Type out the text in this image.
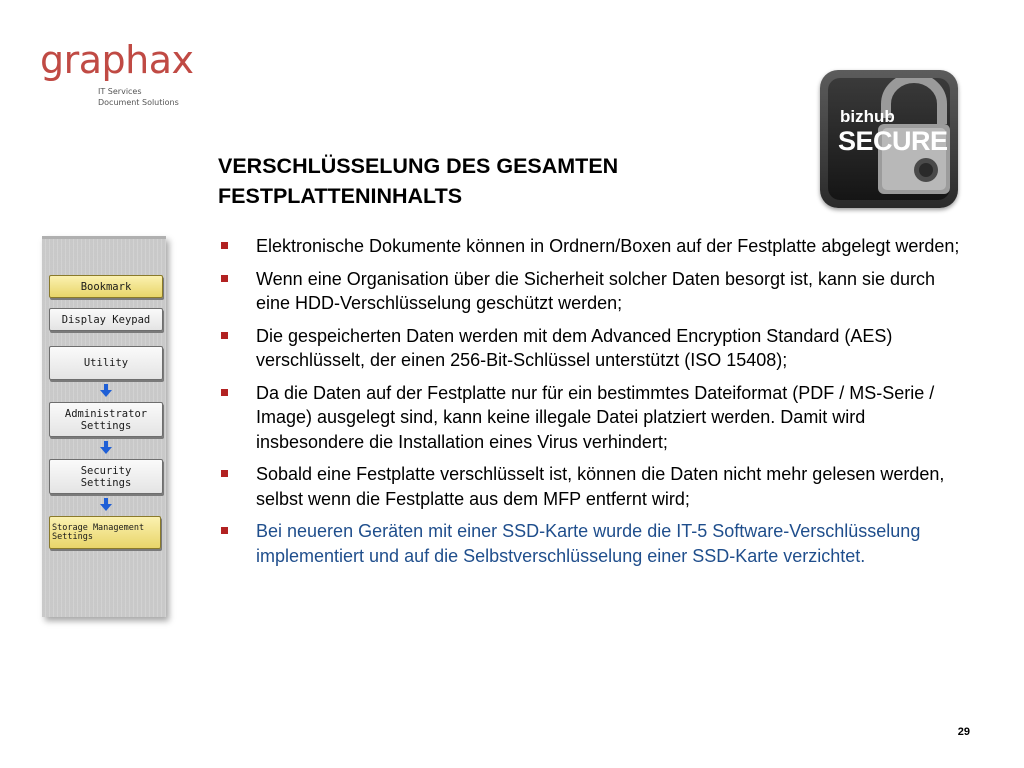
graphax
IT Services
Document Solutions
bizhub
SECURE
VERSCHLÜSSELUNG DES GESAMTEN
FESTPLATTENINHALTS
Elektronische Dokumente können in Ordnern/Boxen auf der Festplatte abgelegt werden;
Wenn eine Organisation über die Sicherheit solcher Daten besorgt ist, kann sie durch eine HDD-Verschlüsselung geschützt werden;
Die gespeicherten Daten werden mit dem Advanced Encryption Standard (AES) verschlüsselt, der einen 256-Bit-Schlüssel unterstützt (ISO 15408);
Da die Daten auf der Festplatte nur für ein bestimmtes Dateiformat (PDF / MS-Serie / Image) ausgelegt sind, kann keine illegale Datei platziert werden. Damit wird insbesondere die Installation eines Virus verhindert;
Sobald eine Festplatte verschlüsselt ist, können die Daten nicht mehr gelesen werden, selbst wenn die Festplatte aus dem MFP entfernt wird;
Bei neueren Geräten mit einer SSD-Karte wurde die IT-5 Software-Verschlüsselung implementiert und auf die Selbstverschlüsselung einer SSD-Karte verzichtet.
Bookmark
Display Keypad
Utility
Administrator
Settings
Security
Settings
Storage Management
Settings
29
